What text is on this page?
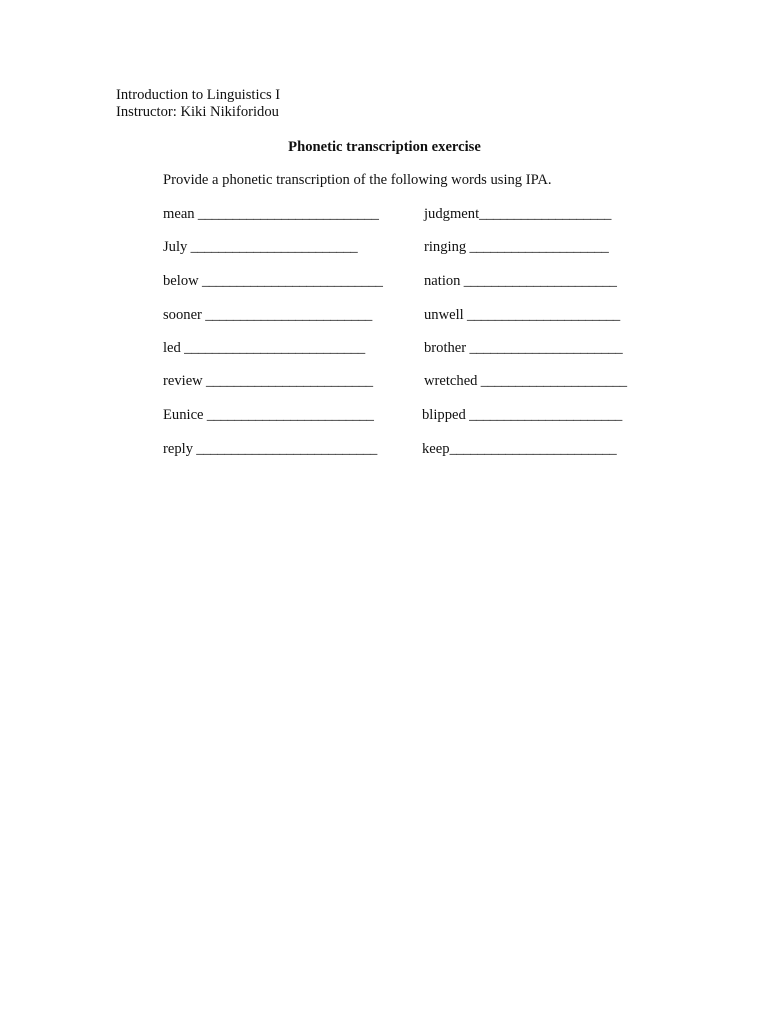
Introduction to Linguistics I
Instructor: Kiki Nikiforidou
Phonetic transcription exercise
Provide a phonetic transcription of the following words using IPA.
mean __________________________
July ________________________
below __________________________
sooner ________________________
led __________________________
review ________________________
Eunice ________________________
reply __________________________
judgment___________________
ringing ____________________
nation ______________________
unwell ______________________
brother ______________________
wretched _____________________
blipped ______________________
keep________________________
